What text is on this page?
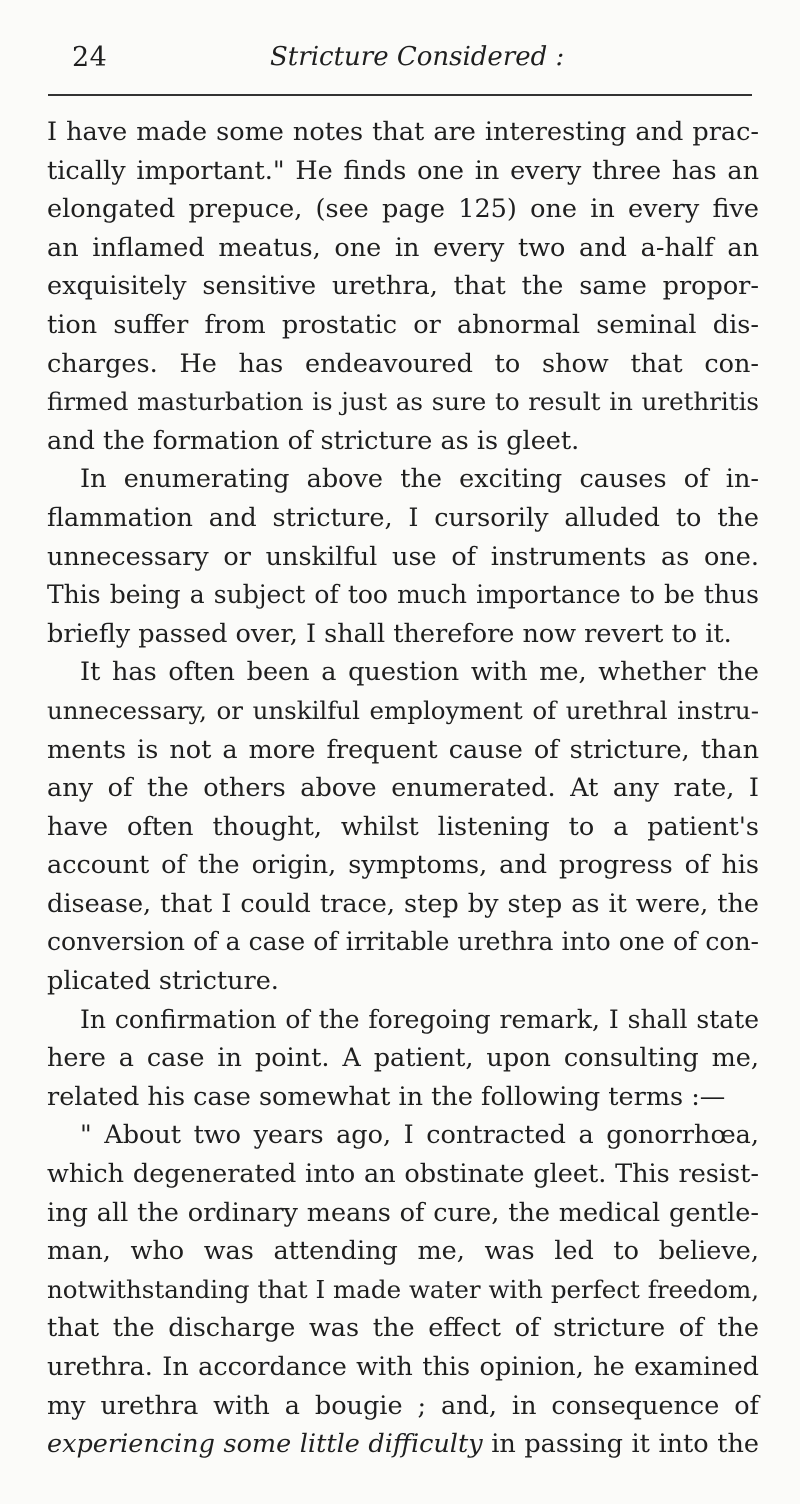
24	Stricture Considered :
I have made some notes that are interesting and prac-
tically important." He finds one in every three has an
elongated prepuce, (see page 125) one in every five
an inflamed meatus, one in every two and a-half an
exquisitely sensitive urethra, that the same propor-
tion suffer from prostatic or abnormal seminal dis-
charges. He has endeavoured to show that con-
firmed masturbation is just as sure to result in urethritis
and the formation of stricture as is gleet.
In enumerating above the exciting causes of in-
flammation and stricture, I cursorily alluded to the
unnecessary or unskilful use of instruments as one.
This being a subject of too much importance to be thus
briefly passed over, I shall therefore now revert to it.
It has often been a question with me, whether the
unnecessary, or unskilful employment of urethral instru-
ments is not a more frequent cause of stricture, than
any of the others above enumerated. At any rate, I
have often thought, whilst listening to a patient's
account of the origin, symptoms, and progress of his
disease, that I could trace, step by step as it were, the
conversion of a case of irritable urethra into one of con-
plicated stricture.
In confirmation of the foregoing remark, I shall state
here a case in point. A patient, upon consulting me,
related his case somewhat in the following terms :—
" About two years ago, I contracted a gonorrhœa,
which degenerated into an obstinate gleet. This resist-
ing all the ordinary means of cure, the medical gentle-
man, who was attending me, was led to believe,
notwithstanding that I made water with perfect freedom,
that the discharge was the effect of stricture of the
urethra. In accordance with this opinion, he examined
my urethra with a bougie ; and, in consequence of
experiencing some little difficulty in passing it into the
